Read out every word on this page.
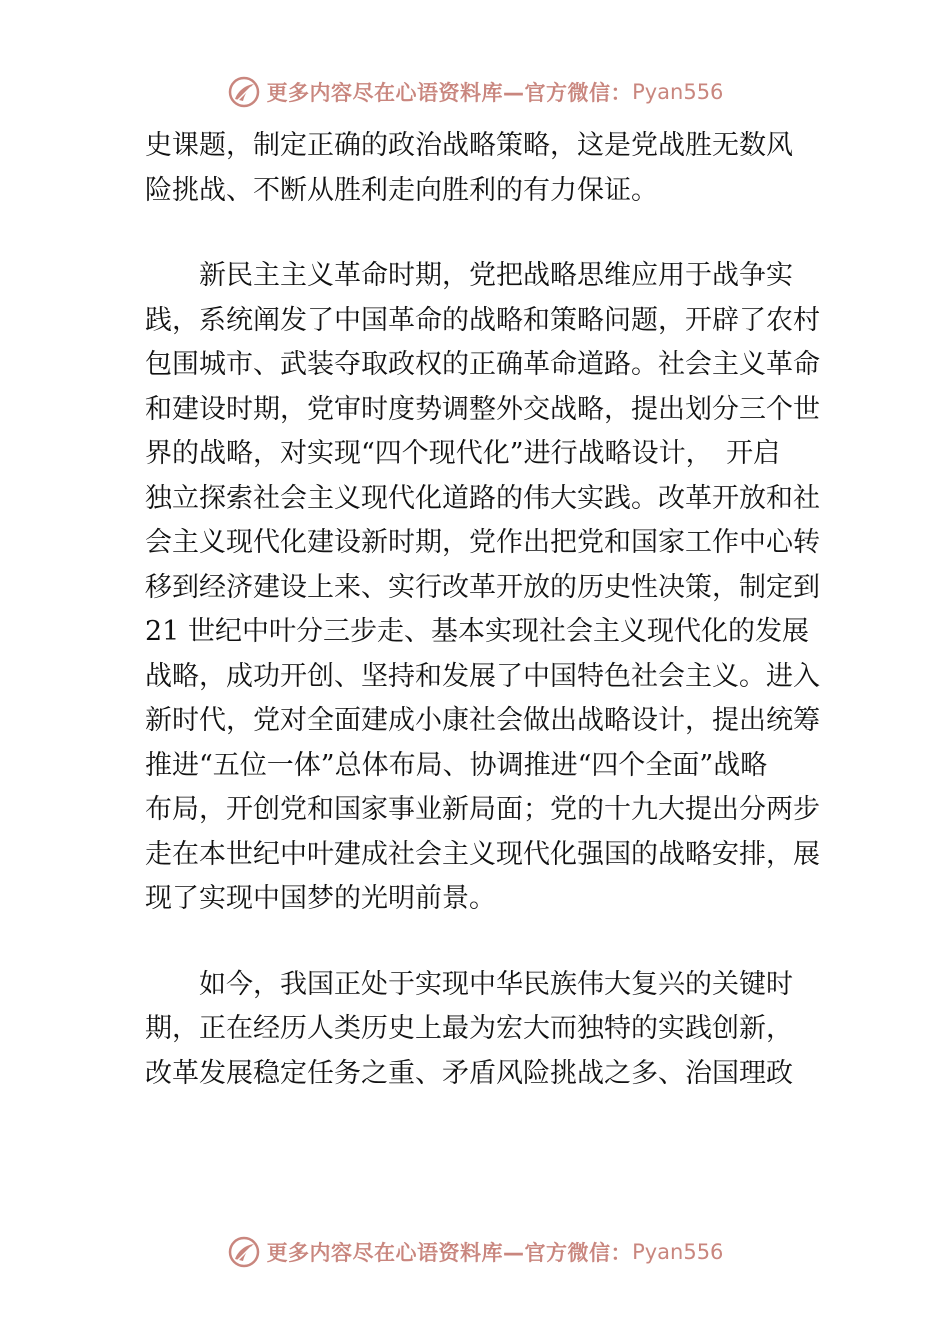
更多内容尽在心语资料库—官方微信： Pyan556
史课题，制定正确的政治战略策略，这是党战胜无数风
险挑战、不断从胜利走向胜利的有力保证。
　　新民主主义革命时期，党把战略思维应用于战争实
践，系统阐发了中国革命的战略和策略问题，开辟了农村
包围城市、武装夺取政权的正确革命道路。社会主义革命
和建设时期，党审时度势调整外交战略，提出划分三个世
界的战略，对实现“四个现代化”进行战略设计，　开启
独立探索社会主义现代化道路的伟大实践。改革开放和社
会主义现代化建设新时期，党作出把党和国家工作中心转
移到经济建设上来、实行改革开放的历史性决策，制定到
21 世纪中叶分三步走、基本实现社会主义现代化的发展
战略，成功开创、坚持和发展了中国特色社会主义。进入
新时代，党对全面建成小康社会做出战略设计，提出统筹
推进“五位一体”总体布局、协调推进“四个全面”战略
布局，开创党和国家事业新局面；党的十九大提出分两步
走在本世纪中叶建成社会主义现代化强国的战略安排，展
现了实现中国梦的光明前景。
　　如今，我国正处于实现中华民族伟大复兴的关键时
期，正在经历人类历史上最为宏大而独特的实践创新，
改革发展稳定任务之重、矛盾风险挑战之多、治国理政
更多内容尽在心语资料库—官方微信： Pyan556
